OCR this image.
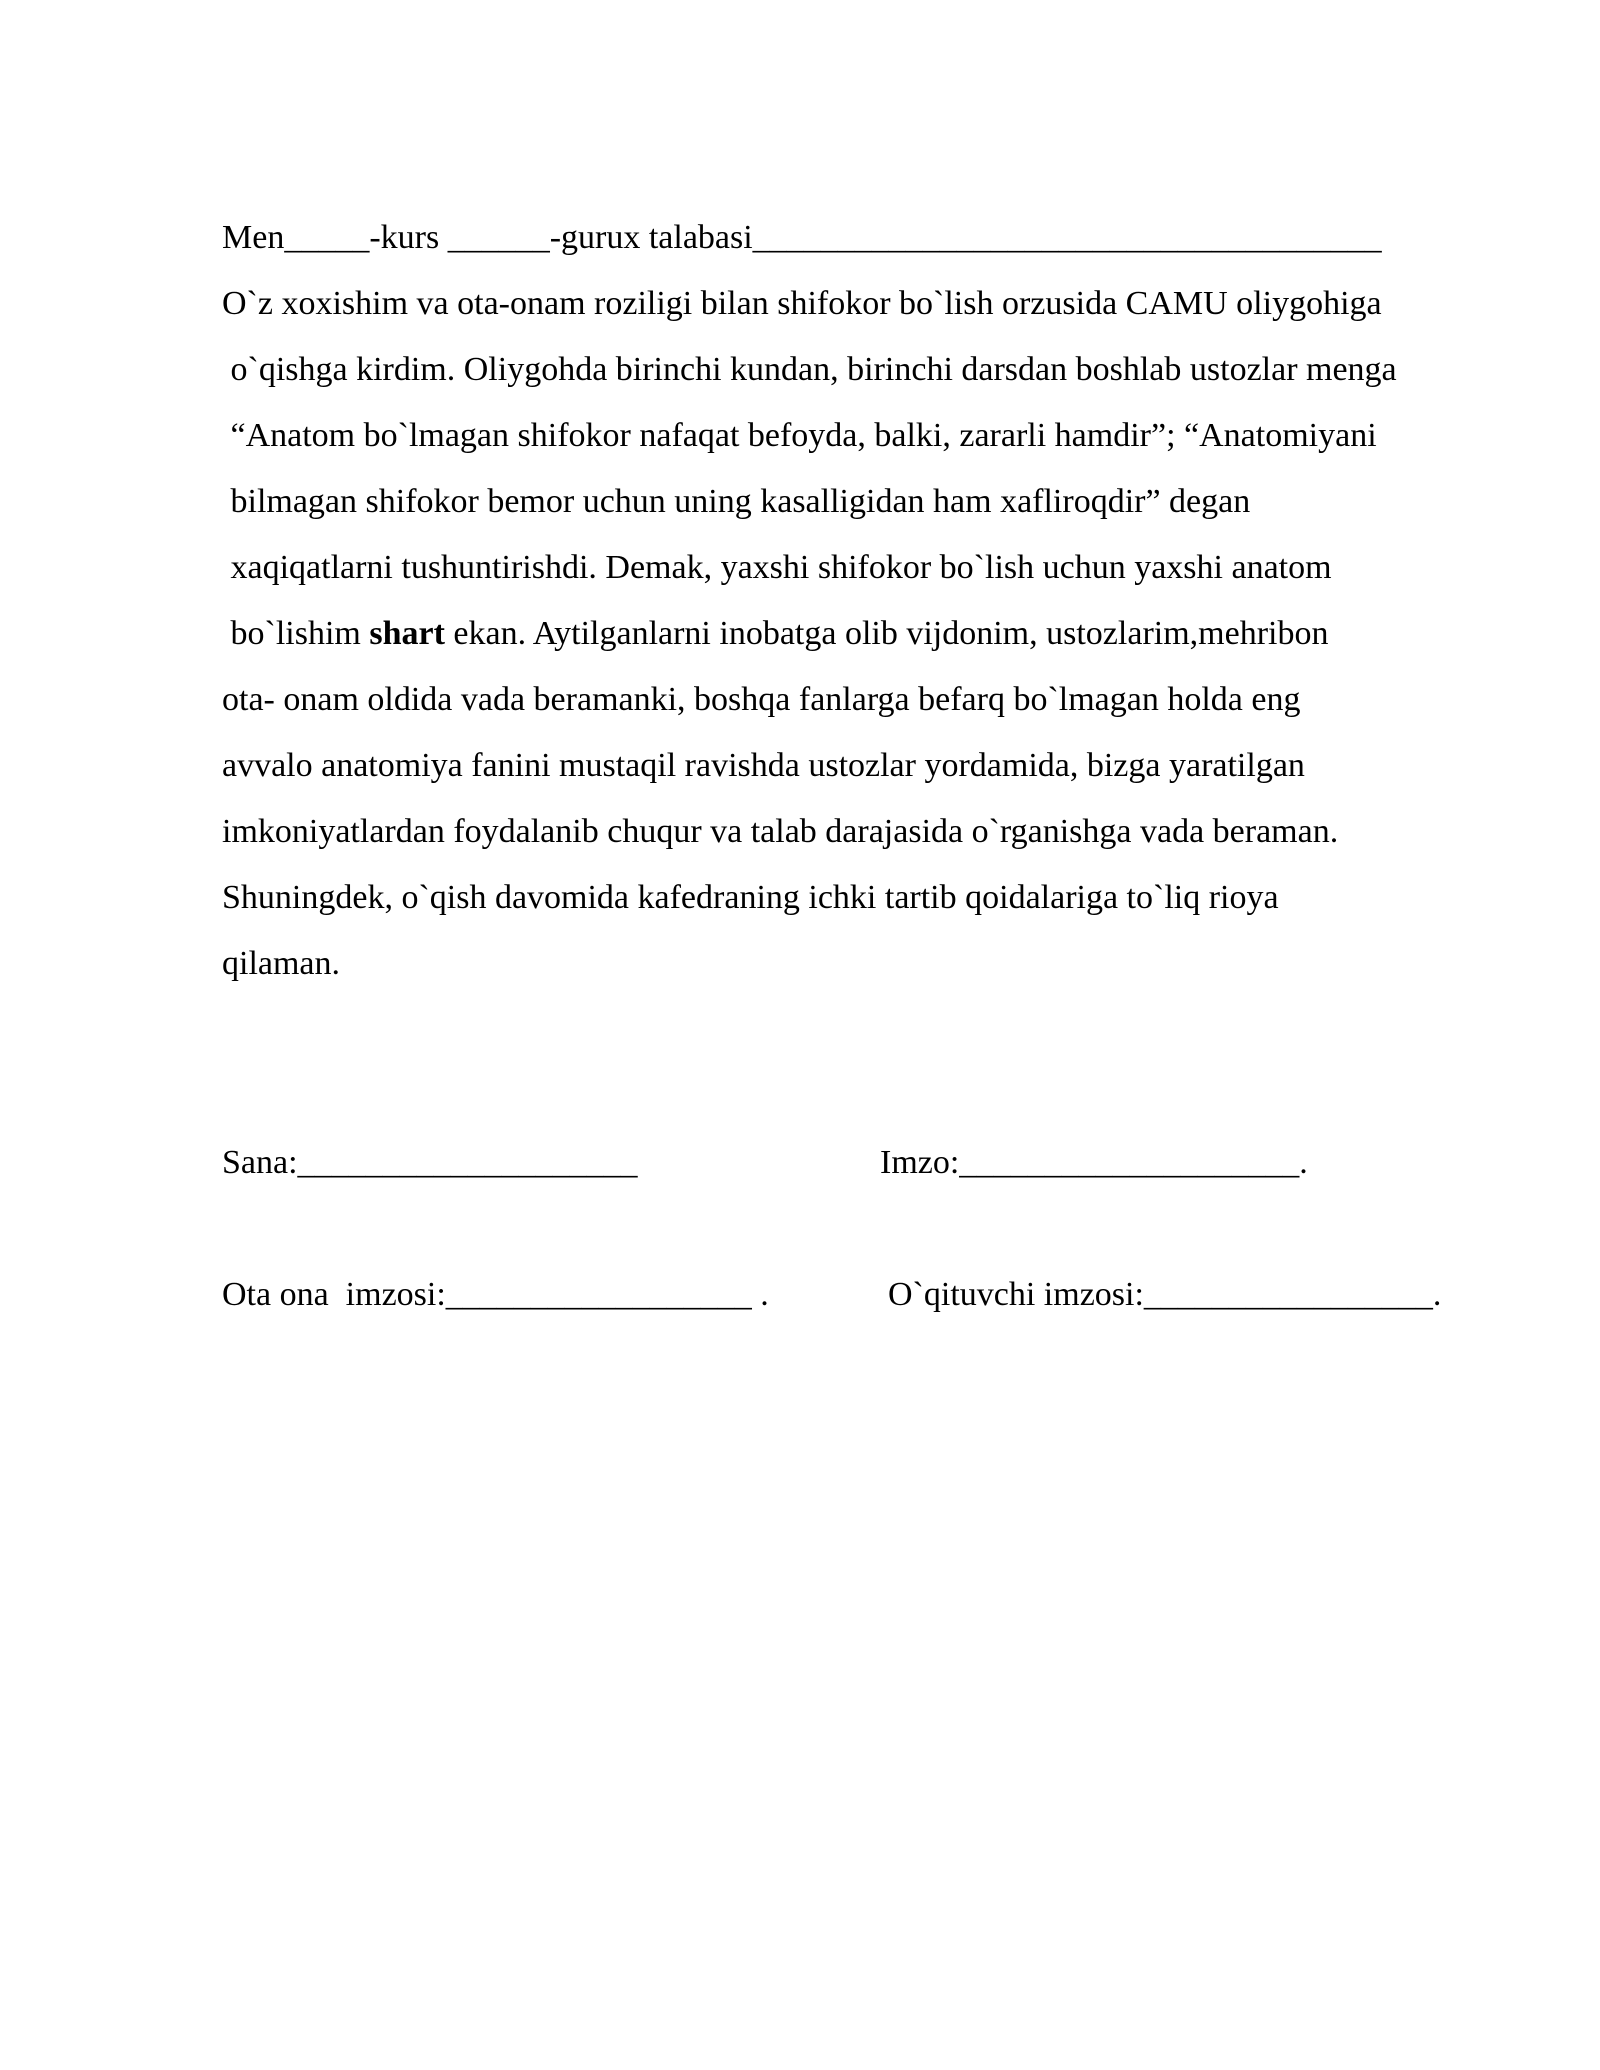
Men_____-kurs ______-gurux talabasi_____________________________________
O`z xoxishim va ota-onam roziligi bilan shifokor bo`lish orzusida CAMU oliygohiga
o`qishga kirdim. Oliygohda birinchi kundan, birinchi darsdan boshlab ustozlar menga
“Anatom bo`lmagan shifokor nafaqat befoyda, balki, zararli hamdir”; “Anatomiyani
bilmagan shifokor bemor uchun uning kasalligidan ham xafliroqdir” degan
xaqiqatlarni tushuntirishdi. Demak, yaxshi shifokor bo`lish uchun yaxshi anatom
bo`lishim shart ekan. Aytilganlarni inobatga olib vijdonim, ustozlarim,mehribon
ota- onam oldida vada beramanki, boshqa fanlarga befarq bo`lmagan holda eng
avvalo anatomiya fanini mustaqil ravishda ustozlar yordamida, bizga yaratilgan
imkoniyatlardan foydalanib chuqur va talab darajasida o`rganishga vada beraman.
Shuningdek, o`qish davomida kafedraning ichki tartib qoidalariga to`liq rioya
qilaman.
Sana:____________________	Imzo:____________________.
Ota ona  imzosi:__________________ .	O`qituvchi imzosi:_________________.
